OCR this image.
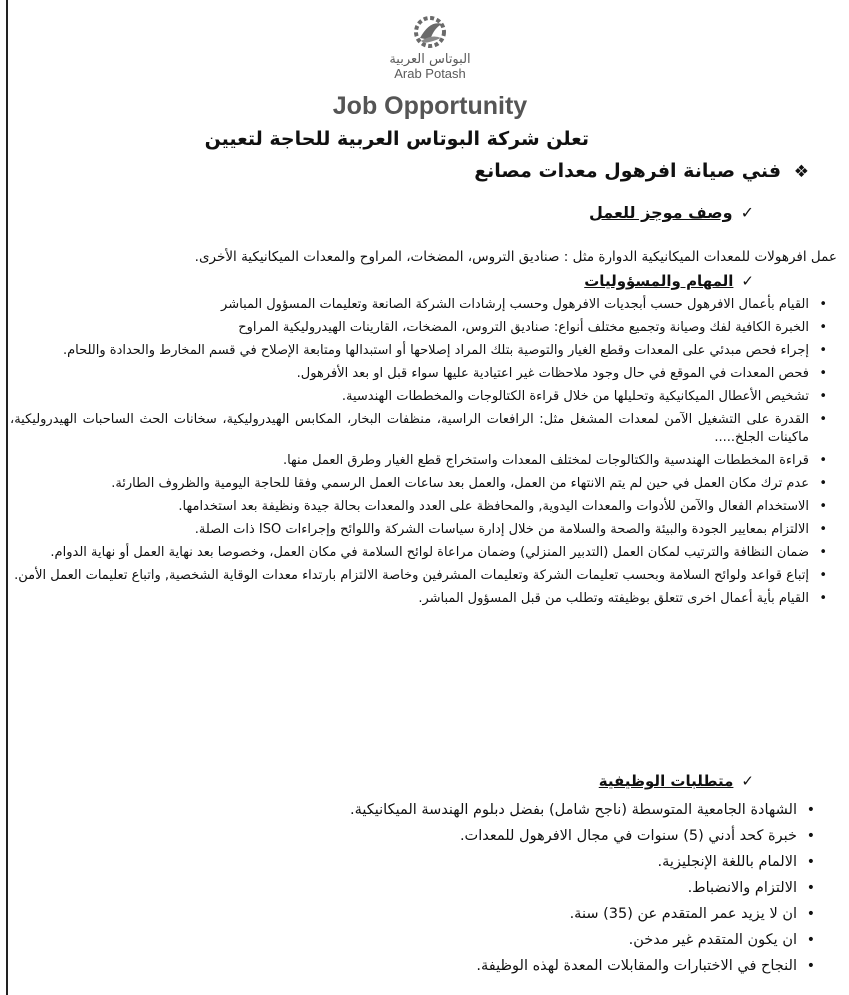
البوتاس العربية
Arab Potash
Job Opportunity
تعلن شركة البوتاس العربية للحاجة لتعيين
❖ فني صيانة افرهول معدات مصانع
✓وصف موجز للعمل
عمل افرهولات للمعدات الميكانيكية الدوارة مثل : صناديق التروس، المضخات، المراوح والمعدات الميكانيكية الأخرى.
✓المهام والمسؤوليات
• القيام بأعمال الافرهول حسب أبجديات الافرهول وحسب إرشادات الشركة الصانعة وتعليمات المسؤول المباشر
• الخبرة الكافية لفك وصيانة وتجميع مختلف أنواع: صناديق التروس، المضخات، القارينات الهيدروليكية المراوح
• إجراء فحص مبدئي على المعدات وقطع الغيار والتوصية بتلك المراد إصلاحها أو استبدالها ومتابعة الإصلاح في قسم المخارط والحدادة واللحام.
• فحص المعدات في الموقع في حال وجود ملاحظات غير اعتيادية عليها سواء قبل او بعد الأفرهول.
• تشخيص الأعطال الميكانيكية وتحليلها من خلال قراءة الكتالوجات والمخططات الهندسية.
• القدرة على التشغيل الآمن لمعدات المشغل مثل: الرافعات الراسية، منظفات البخار، المكابس الهيدروليكية، سخانات الحث الساحبات الهيدروليكية، ماكينات الجلخ.....
• قراءة المخططات الهندسية والكتالوجات لمختلف المعدات واستخراج قطع الغيار وطرق العمل منها.
• عدم ترك مكان العمل في حين لم يتم الانتهاء من العمل، والعمل بعد ساعات العمل الرسمي وفقا للحاجة اليومية والظروف الطارئة.
• الاستخدام الفعال والآمن للأدوات والمعدات اليدوية, والمحافظة على العدد والمعدات بحالة جيدة ونظيفة بعد استخدامها.
• الالتزام بمعايير الجودة والبيئة والصحة والسلامة من خلال إدارة سياسات الشركة واللوائح وإجراءات ISO ذات الصلة.
• ضمان النظافة والترتيب لمكان العمل (التدبير المنزلي) وضمان مراعاة لوائح السلامة في مكان العمل، وخصوصا بعد نهاية العمل أو نهاية الدوام.
• إتباع قواعد ولوائح السلامة وبحسب تعليمات الشركة وتعليمات المشرفين وخاصة الالتزام بارتداء معدات الوقاية الشخصية, واتباع تعليمات العمل الأمن.
• القيام بأية أعمال اخرى تتعلق بوظيفته وتطلب من قبل المسؤول المباشر.
✓متطلبات الوظيفية
• الشهادة الجامعية المتوسطة (ناجح شامل) بفضل دبلوم الهندسة الميكانيكية.
• خبرة كحد أدني (5) سنوات في مجال الافرهول للمعدات.
• الالمام باللغة الإنجليزية.
• الالتزام والانضباط.
• ان لا يزيد عمر المتقدم عن (35) سنة.
• ان يكون المتقدم غير مدخن.
• النجاح في الاختبارات والمقابلات المعدة لهذه الوظيفة.
